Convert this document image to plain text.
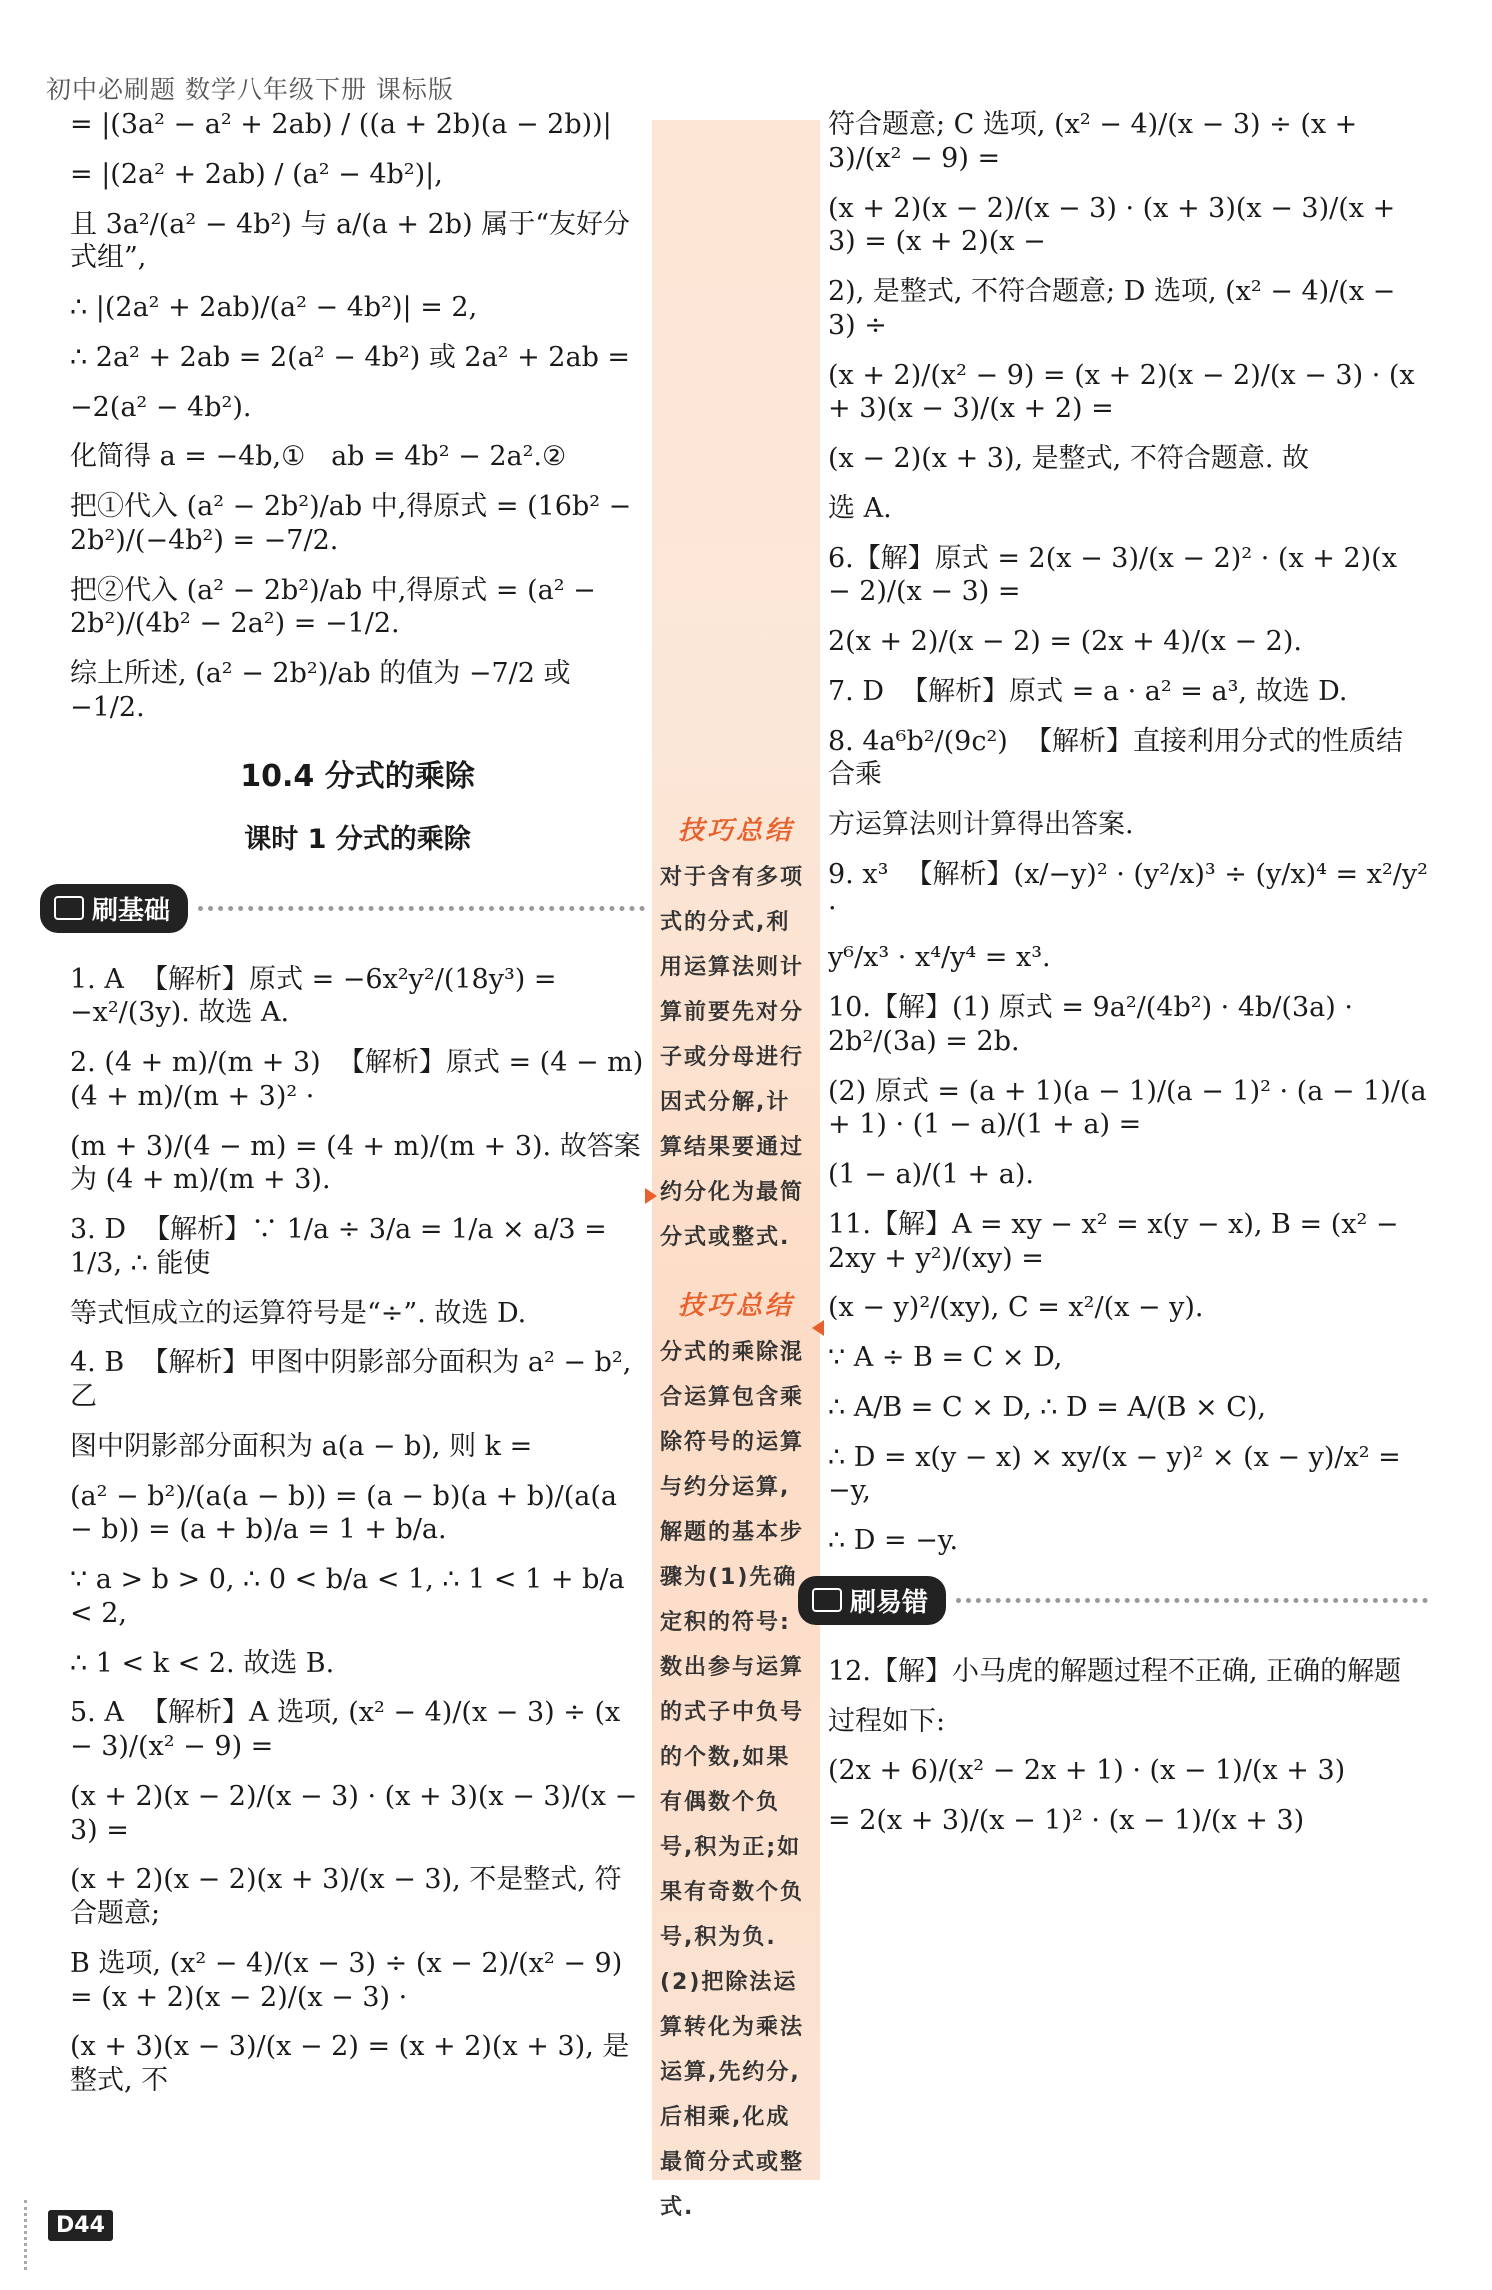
初中必刷题 数学八年级下册 课标版
= |(3a² − a² + 2ab) / ((a + 2b)(a − 2b))|
= |(2a² + 2ab) / (a² − 4b²)|,
且 3a²/(a² − 4b²) 与 a/(a + 2b) 属于“友好分式组”,
∴ |(2a² + 2ab)/(a² − 4b²)| = 2,
∴ 2a² + 2ab = 2(a² − 4b²) 或 2a² + 2ab =
−2(a² − 4b²).
化简得 a = −4b,①   ab = 4b² − 2a².②
把①代入 (a² − 2b²)/ab 中,得原式 = (16b² − 2b²)/(−4b²) = −7/2.
把②代入 (a² − 2b²)/ab 中,得原式 = (a² − 2b²)/(4b² − 2a²) = −1/2.
综上所述, (a² − 2b²)/ab 的值为 −7/2 或 −1/2.
10.4 分式的乘除
课时 1 分式的乘除
刷基础
1. A  【解析】原式 = −6x²y²/(18y³) = −x²/(3y). 故选 A.
2. (4 + m)/(m + 3)  【解析】原式 = (4 − m)(4 + m)/(m + 3)² ·
(m + 3)/(4 − m) = (4 + m)/(m + 3). 故答案为 (4 + m)/(m + 3).
3. D  【解析】∵ 1/a ÷ 3/a = 1/a × a/3 = 1/3, ∴ 能使
等式恒成立的运算符号是“÷”. 故选 D.
4. B  【解析】甲图中阴影部分面积为 a² − b², 乙
图中阴影部分面积为 a(a − b), 则 k =
(a² − b²)/(a(a − b)) = (a − b)(a + b)/(a(a − b)) = (a + b)/a = 1 + b/a.
∵ a > b > 0, ∴ 0 < b/a < 1, ∴ 1 < 1 + b/a < 2,
∴ 1 < k < 2. 故选 B.
5. A  【解析】A 选项, (x² − 4)/(x − 3) ÷ (x − 3)/(x² − 9) =
(x + 2)(x − 2)/(x − 3) · (x + 3)(x − 3)/(x − 3) =
(x + 2)(x − 2)(x + 3)/(x − 3), 不是整式, 符合题意;
B 选项, (x² − 4)/(x − 3) ÷ (x − 2)/(x² − 9) = (x + 2)(x − 2)/(x − 3) ·
(x + 3)(x − 3)/(x − 2) = (x + 2)(x + 3), 是整式, 不
技巧总结
对于含有多项式的分式,利用运算法则计算前要先对分子或分母进行因式分解,计算结果要通过约分化为最简分式或整式.
技巧总结
分式的乘除混合运算包含乘除符号的运算与约分运算,解题的基本步骤为(1)先确定积的符号:数出参与运算的式子中负号的个数,如果有偶数个负号,积为正;如果有奇数个负号,积为负.(2)把除法运算转化为乘法运算,先约分,后相乘,化成最简分式或整式.
符合题意; C 选项, (x² − 4)/(x − 3) ÷ (x + 3)/(x² − 9) =
(x + 2)(x − 2)/(x − 3) · (x + 3)(x − 3)/(x + 3) = (x + 2)(x −
2), 是整式, 不符合题意; D 选项, (x² − 4)/(x − 3) ÷
(x + 2)/(x² − 9) = (x + 2)(x − 2)/(x − 3) · (x + 3)(x − 3)/(x + 2) =
(x − 2)(x + 3), 是整式, 不符合题意. 故
选 A.
6.【解】原式 = 2(x − 3)/(x − 2)² · (x + 2)(x − 2)/(x − 3) =
2(x + 2)/(x − 2) = (2x + 4)/(x − 2).
7. D  【解析】原式 = a · a² = a³, 故选 D.
8. 4a⁶b²/(9c²)  【解析】直接利用分式的性质结合乘
方运算法则计算得出答案.
9. x³  【解析】(x/−y)² · (y²/x)³ ÷ (y/x)⁴ = x²/y² ·
y⁶/x³ · x⁴/y⁴ = x³.
10.【解】(1) 原式 = 9a²/(4b²) · 4b/(3a) · 2b²/(3a) = 2b.
(2) 原式 = (a + 1)(a − 1)/(a − 1)² · (a − 1)/(a + 1) · (1 − a)/(1 + a) =
(1 − a)/(1 + a).
11.【解】A = xy − x² = x(y − x), B = (x² − 2xy + y²)/(xy) =
(x − y)²/(xy), C = x²/(x − y).
∵ A ÷ B = C × D,
∴ A/B = C × D, ∴ D = A/(B × C),
∴ D = x(y − x) × xy/(x − y)² × (x − y)/x² = −y,
∴ D = −y.
刷易错
12.【解】小马虎的解题过程不正确, 正确的解题
过程如下:
(2x + 6)/(x² − 2x + 1) · (x − 1)/(x + 3)
= 2(x + 3)/(x − 1)² · (x − 1)/(x + 3)
D44
